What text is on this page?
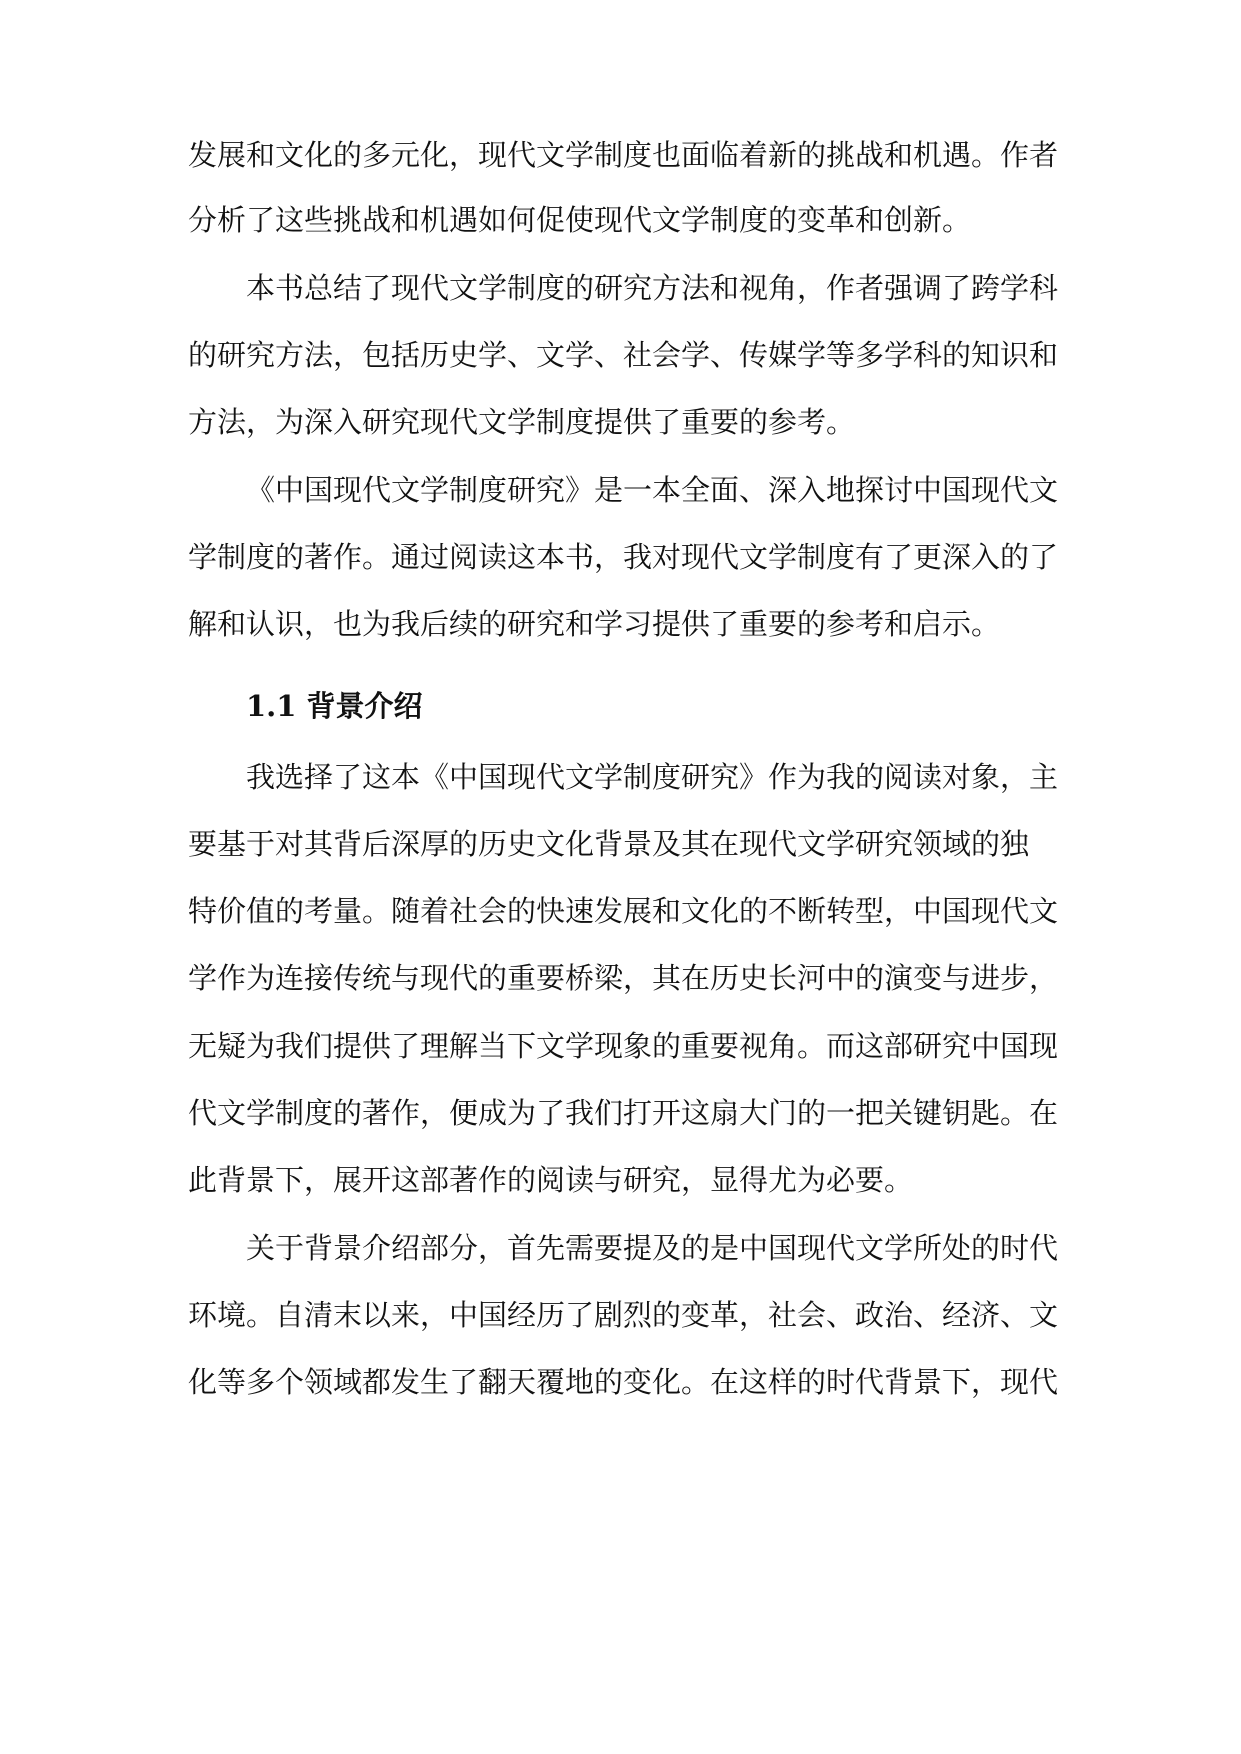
发展和文化的多元化，现代文学制度也面临着新的挑战和机遇。作者
分析了这些挑战和机遇如何促使现代文学制度的变革和创新。
本书总结了现代文学制度的研究方法和视角，作者强调了跨学科
的研究方法，包括历史学、文学、社会学、传媒学等多学科的知识和
方法，为深入研究现代文学制度提供了重要的参考。
《中国现代文学制度研究》是一本全面、深入地探讨中国现代文
学制度的著作。通过阅读这本书，我对现代文学制度有了更深入的了
解和认识，也为我后续的研究和学习提供了重要的参考和启示。
1.1 背景介绍
我选择了这本《中国现代文学制度研究》作为我的阅读对象，主
要基于对其背后深厚的历史文化背景及其在现代文学研究领域的独
特价值的考量。随着社会的快速发展和文化的不断转型，中国现代文
学作为连接传统与现代的重要桥梁，其在历史长河中的演变与进步，
无疑为我们提供了理解当下文学现象的重要视角。而这部研究中国现
代文学制度的著作，便成为了我们打开这扇大门的一把关键钥匙。在
此背景下，展开这部著作的阅读与研究，显得尤为必要。
关于背景介绍部分，首先需要提及的是中国现代文学所处的时代
环境。自清末以来，中国经历了剧烈的变革，社会、政治、经济、文
化等多个领域都发生了翻天覆地的变化。在这样的时代背景下，现代
